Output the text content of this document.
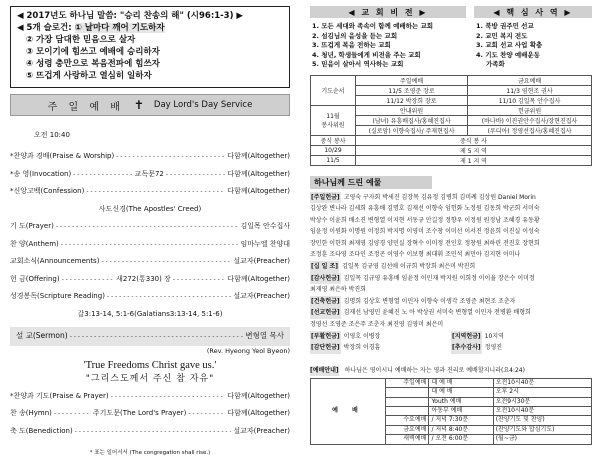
◀ 2017년도 하나님 말씀: "승리 찬송의 해" (시96:1-3) ▶
◀ 5개 슬로건: ① 날마다 깨어 기도하자
② 가장 담대한 믿음으로 살자
③ 모이기에 힘쓰고 예배에 승리하자
④ 성령 충만으로 복음전파에 힘쓰자
⑤ 뜨겁게 사랑하고 열심히 일하자
주 일 예 배 ✝ Day Lord's Day Service
오전 10:40
*찬양과 경배(Praise & Worship) - - -	다함께(Altogether)
*송 영(Invocation) - - -	교독문72 - - -	다함께(Altogether)
*신앙고백(Confession) - - -	다함께(Altogether)
사도신경(The Apostles' Creed)
기 도(Prayer) - - -	김일목 안수집사
찬 양(Anthem) - - -	임마누엘 찬양대
교회소식(Announcements) - - -	설교자(Preacher)
헌 금(Offering) - - -	새272(통330) 장 - - -	다함께(Altogether)
성경봉독(Scripture Reading) - - -	설교자(Preacher)
갈3:13-14, 5:1-6(Galatians3:13-14, 5:1-6)
설 교(Sermon) - - -	변형열 목사
(Rev. Hyeong Yeol Byeon)
'True Freedoms Christ gave us.'
"그리스도께서 주신 참 자유"
*찬양과 기도(Praise & Prayer) - - -	다함께(Altogether)
찬 송(Hymn) - - -	주기도문(The Lord's Prayer) - - -	다함께(Altogether)
축 도(Benediction) - - -	설교자(Preacher)
* 표는 일어서서 (The congregation shall rise.)
◀ 교 회 비 전 ▶
1. 모든 세대와 족속이 함께 예배하는 교회
2. 섬김님의 음성을 듣는 교회
3. 뜨겁게 복음 전하는 교회
4. 청년, 학생들에게 비전을 주는 교회
5. 믿음이 살아서 역사하는 교회
◀ 핵 심 사 역 ▶
1. 북방 권주민 선교
2. 교민 복지 전도
3. 교회 선교 사업 확충
4. 기도 찬양 예배운동
가족화
기도순서	주일예배	금요예배
	11/5 조영준 장로	11/3 염현조 권사
	11/12 박장희 장로	11/10 김일목 안수집사
11월
봉사위원	안내위원	헌금위원
	(남녀) 유흥배집사/홍혜진집사	(바나바) 이진권안수집사/장현진집사
	(실로암) 이향숙집사/ 주재현집사	(루디아) 정영선집사/홍혜진집사
중식 봉사	중식 봉 사	
10/29	제 5 지 역	
11/5	제 1 지 역	
하나님께 드린 예물
[주일헌금] 고영숙 구자회 박세진 김장목 김유정 김병희 김미례 김상원 Daniel Morin
김상완 변나라 김세희 유흥배 김명호 김재선 이향숙 임헌화 노정원 김동희 박군희 서미숙
박상수 이윤희 배소진 변형열 이지현 서동규 안길정 정향우 이정원 원정남 조혜경 유동황
임윤정 이원화 이명원 이정희 박지명 이영미 조수창 이미선 이서진 정윤희 이진실 이성숙
장민한 이한희 최재영 김양경 양민실 장혁수 이미정 전인호 정창원 최하린 전진호 장현희
조정훈 조다영 조다인 조정곤 이영수 이보형 최대휘 조민석 최민아 김지현 이미나
[십 일 조] 김일목 김규영 김선애 이규희 박장희 최은미 박진희
[감사헌금] 김일목 김규영 유흥배 임윤정 이민재 박지원 이희정 이이율 장은수 이미정
최재영 최은하 박진희
[건축헌금] 김명희 김상호 변형열 이민자 이향숙 이생각 조영준 최현조 조춘자
[선교헌금] 김재선 남영민 윤혜진 노 아 박상권 서미숙 변형열 이민자 전병환 배형희
정영선 조영준 조은주 조춘자 최진영 김영미 최은미
[부활헌금] 이영호 이병장	[지역헌금] 10지역
[감단헌금] 박장희 이경흠	[추수감사] 정영진
[예배안내] 하나님은 영이시니 예배하는 자는 영과 진리로 예배할지니라(요4:24)
예 배	주일예배	대 예 배	오전10시40분
		대 예 배	오후 2시
		Youth 예배	오전9시30분
		아동부 예배	오전10시40분
	수요예배	/ 저녁 7:30분	(찬양기도 및 찬양)
	금요예배	/ 저녁 8:40분	(찬양기도와 합심기도)
	새벽예배	/ 오전 6:00분	(월~금)
